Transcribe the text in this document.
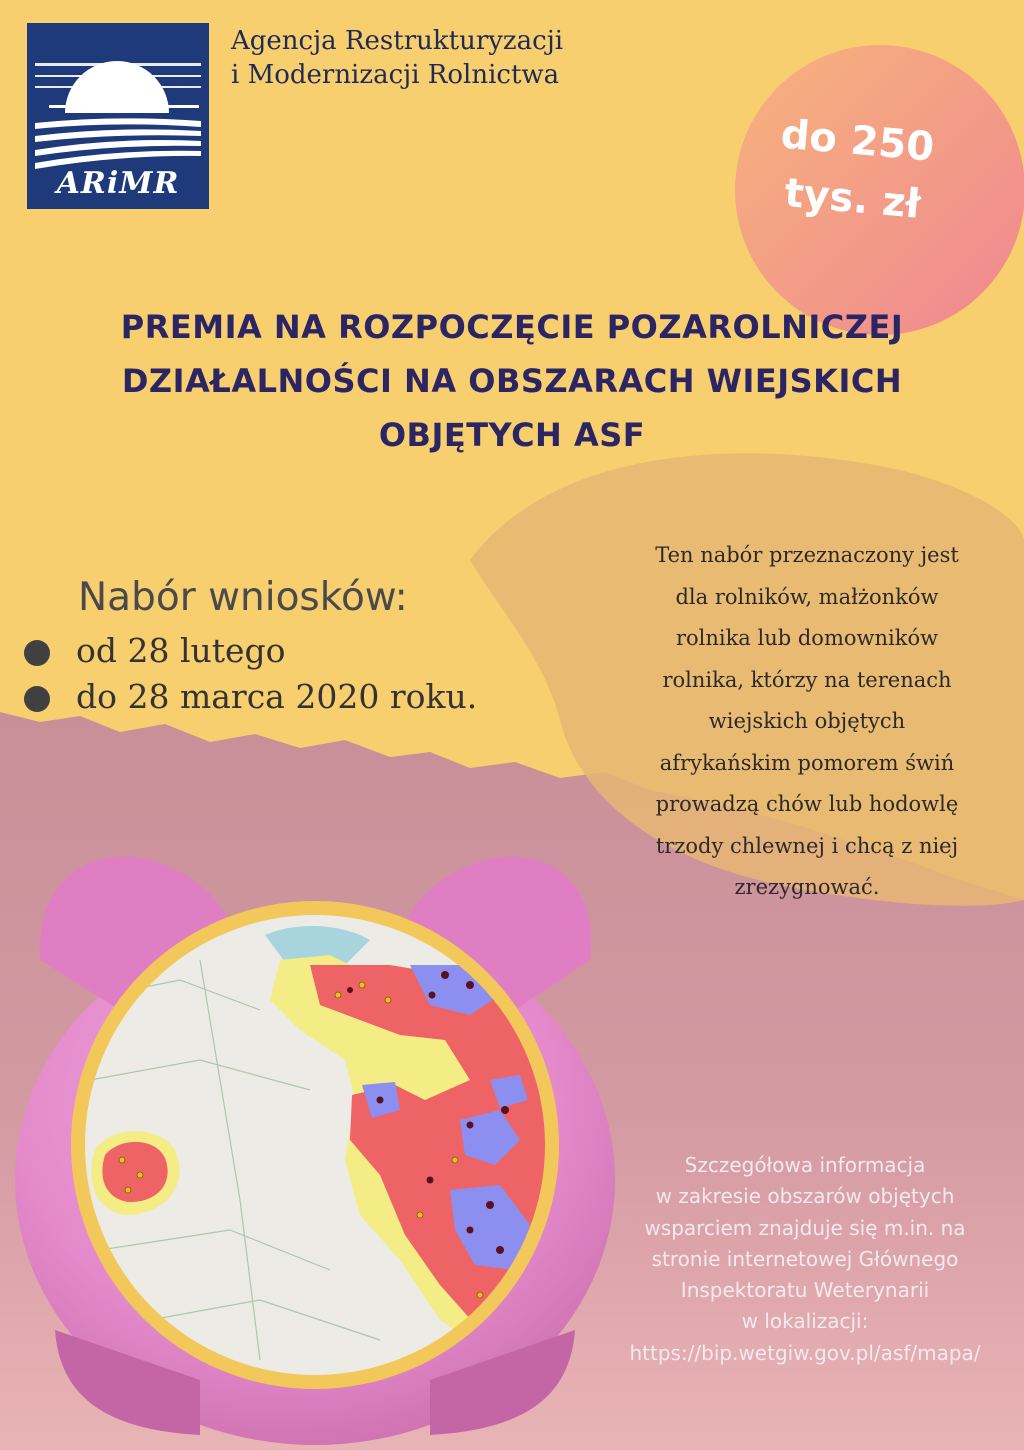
ARiMR
Agencja Restrukturyzacji
i Modernizacji Rolnictwa
do 250
tys. zł
PREMIA NA ROZPOCZĘCIE POZAROLNICZEJ
DZIAŁALNOŚCI NA OBSZARACH WIEJSKICH
OBJĘTYCH ASF
Nabór wniosków:
od 28 lutego
do 28 marca 2020 roku.
Ten nabór przeznaczony jest
dla rolników, małżonków
rolnika lub domowników
rolnika, którzy na terenach
wiejskich objętych
afrykańskim pomorem świń
prowadzą chów lub hodowlę
trzody chlewnej i chcą z niej
zrezygnować.
Szczegółowa informacja
w zakresie obszarów objętych
wsparciem znajduje się m.in. na
stronie internetowej Głównego
Inspektoratu Weterynarii
w lokalizacji:
https://bip.wetgiw.gov.pl/asf/mapa/
